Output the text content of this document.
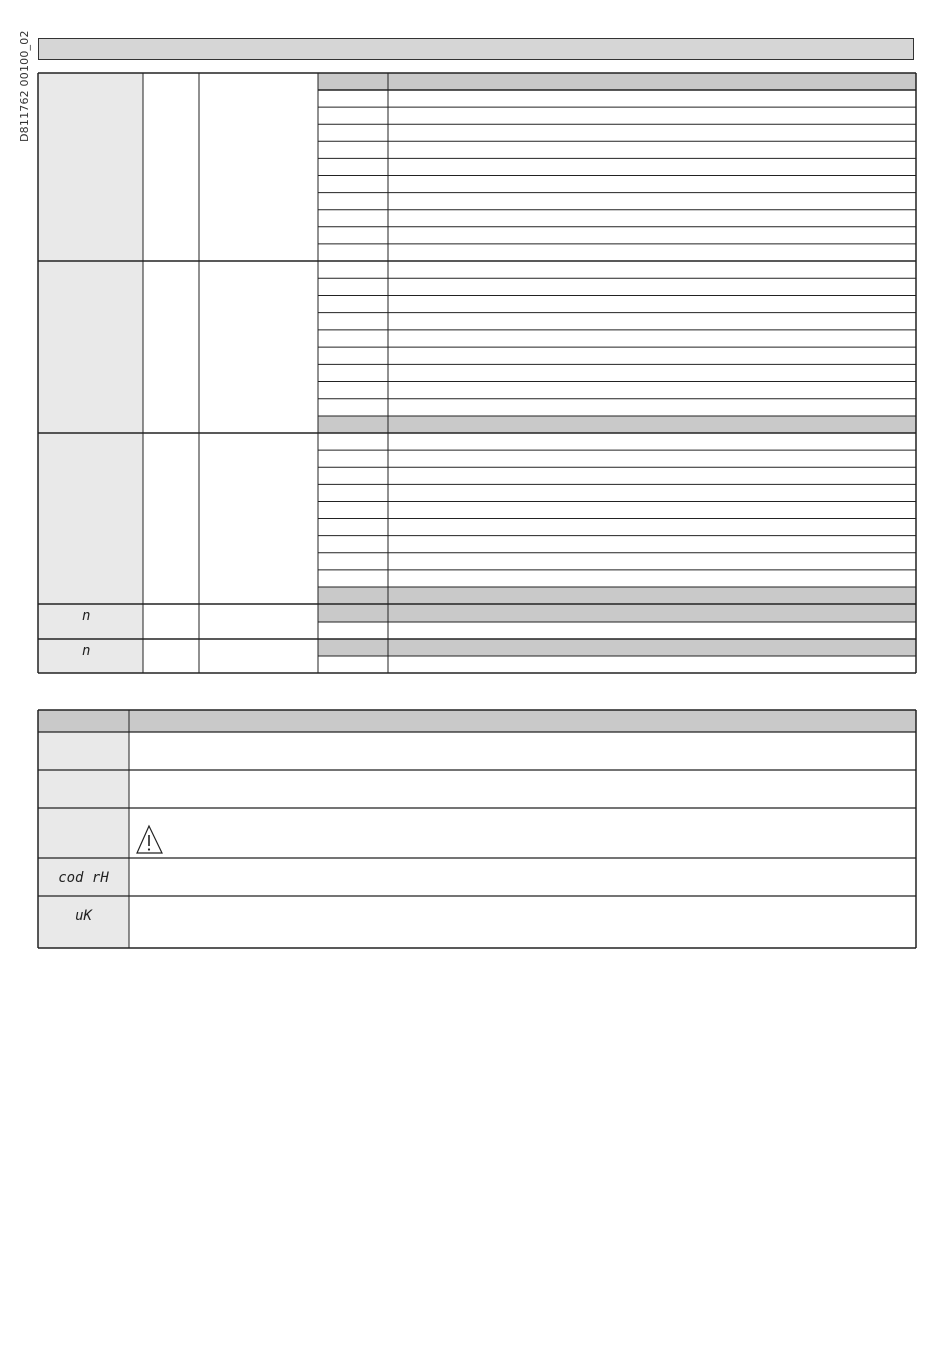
D811762 00100_02
n
n
cod rH
uK
